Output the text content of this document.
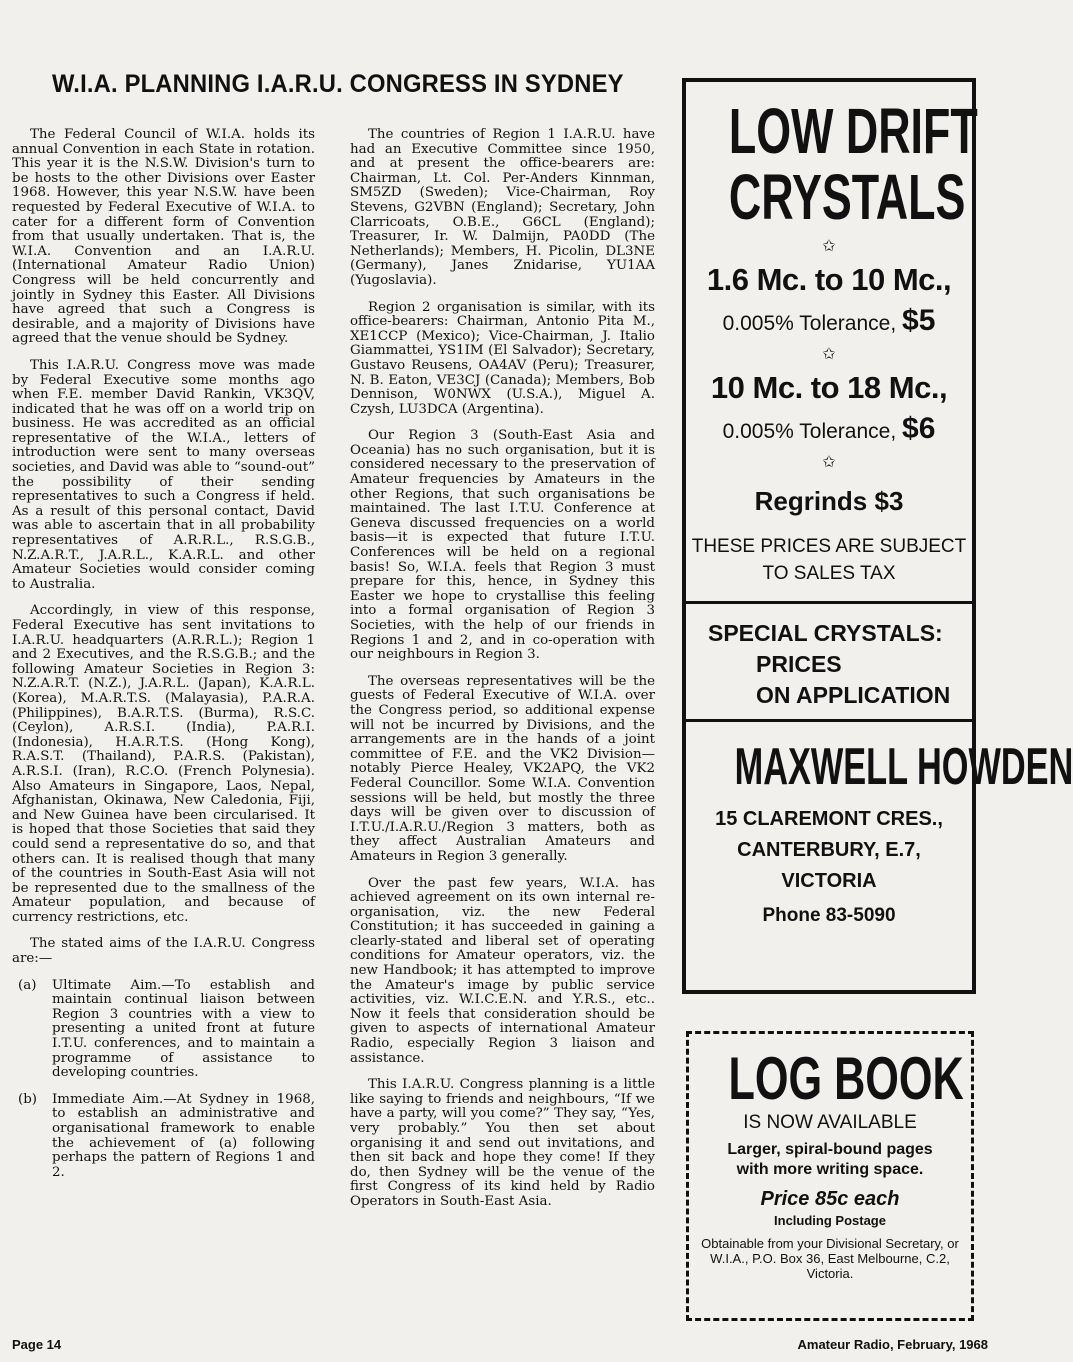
W.I.A. PLANNING I.A.R.U. CONGRESS IN SYDNEY

The Federal Council of W.I.A. holds its annual Convention in each State in rotation. This year it is the N.S.W. Division's turn to be hosts to the other Divisions over Easter 1968. However, this year N.S.W. have been requested by Federal Executive of W.I.A. to cater for a different form of Convention from that usually undertaken. That is, the W.I.A. Convention and an I.A.R.U. (International Amateur Radio Union) Congress will be held concurrently and jointly in Sydney this Easter. All Divisions have agreed that such a Congress is desirable, and a majority of Divisions have agreed that the venue should be Sydney.

This I.A.R.U. Congress move was made by Federal Executive some months ago when F.E. member David Rankin, VK3QV, indicated that he was off on a world trip on business. He was accredited as an official representative of the W.I.A., letters of introduction were sent to many overseas societies, and David was able to “sound-out” the possibility of their sending representatives to such a Congress if held. As a result of this personal contact, David was able to ascertain that in all probability representatives of A.R.R.L., R.S.G.B., N.Z.A.R.T., J.A.R.L., K.A.R.L. and other Amateur Societies would consider coming to Australia.

Accordingly, in view of this response, Federal Executive has sent invitations to I.A.R.U. headquarters (A.R.R.L.); Region 1 and 2 Executives, and the R.S.G.B.; and the following Amateur Societies in Region 3: N.Z.A.R.T. (N.Z.), J.A.R.L. (Japan), K.A.R.L. (Korea), M.A.R.T.S. (Malayasia), P.A.R.A. (Philippines), B.A.R.T.S. (Burma), R.S.C. (Ceylon), A.R.S.I. (India), P.A.R.I. (Indonesia), H.A.R.T.S. (Hong Kong), R.A.S.T. (Thailand), P.A.R.S. (Pakistan), A.R.S.I. (Iran), R.C.O. (French Polynesia). Also Amateurs in Singapore, Laos, Nepal, Afghanistan, Okinawa, New Caledonia, Fiji, and New Guinea have been circularised. It is hoped that those Societies that said they could send a representative do so, and that others can. It is realised though that many of the countries in South-East Asia will not be represented due to the smallness of the Amateur population, and because of currency restrictions, etc.

The stated aims of the I.A.R.U. Congress are:—

(a)	Ultimate Aim.—To establish and maintain continual liaison between Region 3 countries with a view to presenting a united front at future I.T.U. conferences, and to maintain a programme of assistance to developing countries.
(b)	Immediate Aim.—At Sydney in 1968, to establish an administrative and organisational framework to enable the achievement of (a) following perhaps the pattern of Regions 1 and 2.

The countries of Region 1 I.A.R.U. have had an Executive Committee since 1950, and at present the office-bearers are: Chairman, Lt. Col. Per-Anders Kinnman, SM5ZD (Sweden); Vice-Chairman, Roy Stevens, G2VBN (England); Secretary, John Clarricoats, O.B.E., G6CL (England); Treasurer, Ir. W. Dalmijn, PA0DD (The Netherlands); Members, H. Picolin, DL3NE (Germany), Janes Znidarise, YU1AA (Yugoslavia).

Region 2 organisation is similar, with its office-bearers: Chairman, Antonio Pita M., XE1CCP (Mexico); Vice-Chairman, J. Italio Giammattei, YS1IM (El Salvador); Secretary, Gustavo Reusens, OA4AV (Peru); Treasurer, N. B. Eaton, VE3CJ (Canada); Members, Bob Dennison, W0NWX (U.S.A.), Miguel A. Czysh, LU3DCA (Argentina).

Our Region 3 (South-East Asia and Oceania) has no such organisation, but it is considered necessary to the preservation of Amateur frequencies by Amateurs in the other Regions, that such organisations be maintained. The last I.T.U. Conference at Geneva discussed frequencies on a world basis—it is expected that future I.T.U. Conferences will be held on a regional basis! So, W.I.A. feels that Region 3 must prepare for this, hence, in Sydney this Easter we hope to crystallise this feeling into a formal organisation of Region 3 Societies, with the help of our friends in Regions 1 and 2, and in co-operation with our neighbours in Region 3.

The overseas representatives will be the guests of Federal Executive of W.I.A. over the Congress period, so additional expense will not be incurred by Divisions, and the arrangements are in the hands of a joint committee of F.E. and the VK2 Division—notably Pierce Healey, VK2APQ, the VK2 Federal Councillor. Some W.I.A. Convention sessions will be held, but mostly the three days will be given over to discussion of I.T.U./I.A.R.U./Region 3 matters, both as they affect Australian Amateurs and Amateurs in Region 3 generally.

Over the past few years, W.I.A. has achieved agreement on its own internal re-organisation, viz. the new Federal Constitution; it has succeeded in gaining a clearly-stated and liberal set of operating conditions for Amateur operators, viz. the new Handbook; it has attempted to improve the Amateur's image by public service activities, viz. W.I.C.E.N. and Y.R.S., etc.. Now it feels that consideration should be given to aspects of international Amateur Radio, especially Region 3 liaison and assistance.

This I.A.R.U. Congress planning is a little like saying to friends and neighbours, “If we have a party, will you come?” They say, “Yes, very probably.” You then set about organising it and send out invitations, and then sit back and hope they come! If they do, then Sydney will be the venue of the first Congress of its kind held by Radio Operators in South-East Asia.

LOW DRIFT
CRYSTALS
✩
1.6 Mc. to 10 Mc.,
0.005% Tolerance, $5
✩
10 Mc. to 18 Mc.,
0.005% Tolerance, $6
✩
Regrinds $3
THESE PRICES ARE SUBJECT
TO SALES TAX
SPECIAL CRYSTALS:
PRICES
ON APPLICATION
MAXWELL HOWDEN
15 CLAREMONT CRES.,
CANTERBURY, E.7,
VICTORIA
Phone 83-5090
LOG BOOK
IS NOW AVAILABLE
Larger, spiral-bound pages
with more writing space.
Price 85c each
Including Postage
Obtainable from your Divisional Secretary, or W.I.A., P.O. Box 36, East Melbourne, C.2, Victoria.
Page 14	Amateur Radio, February, 1968
